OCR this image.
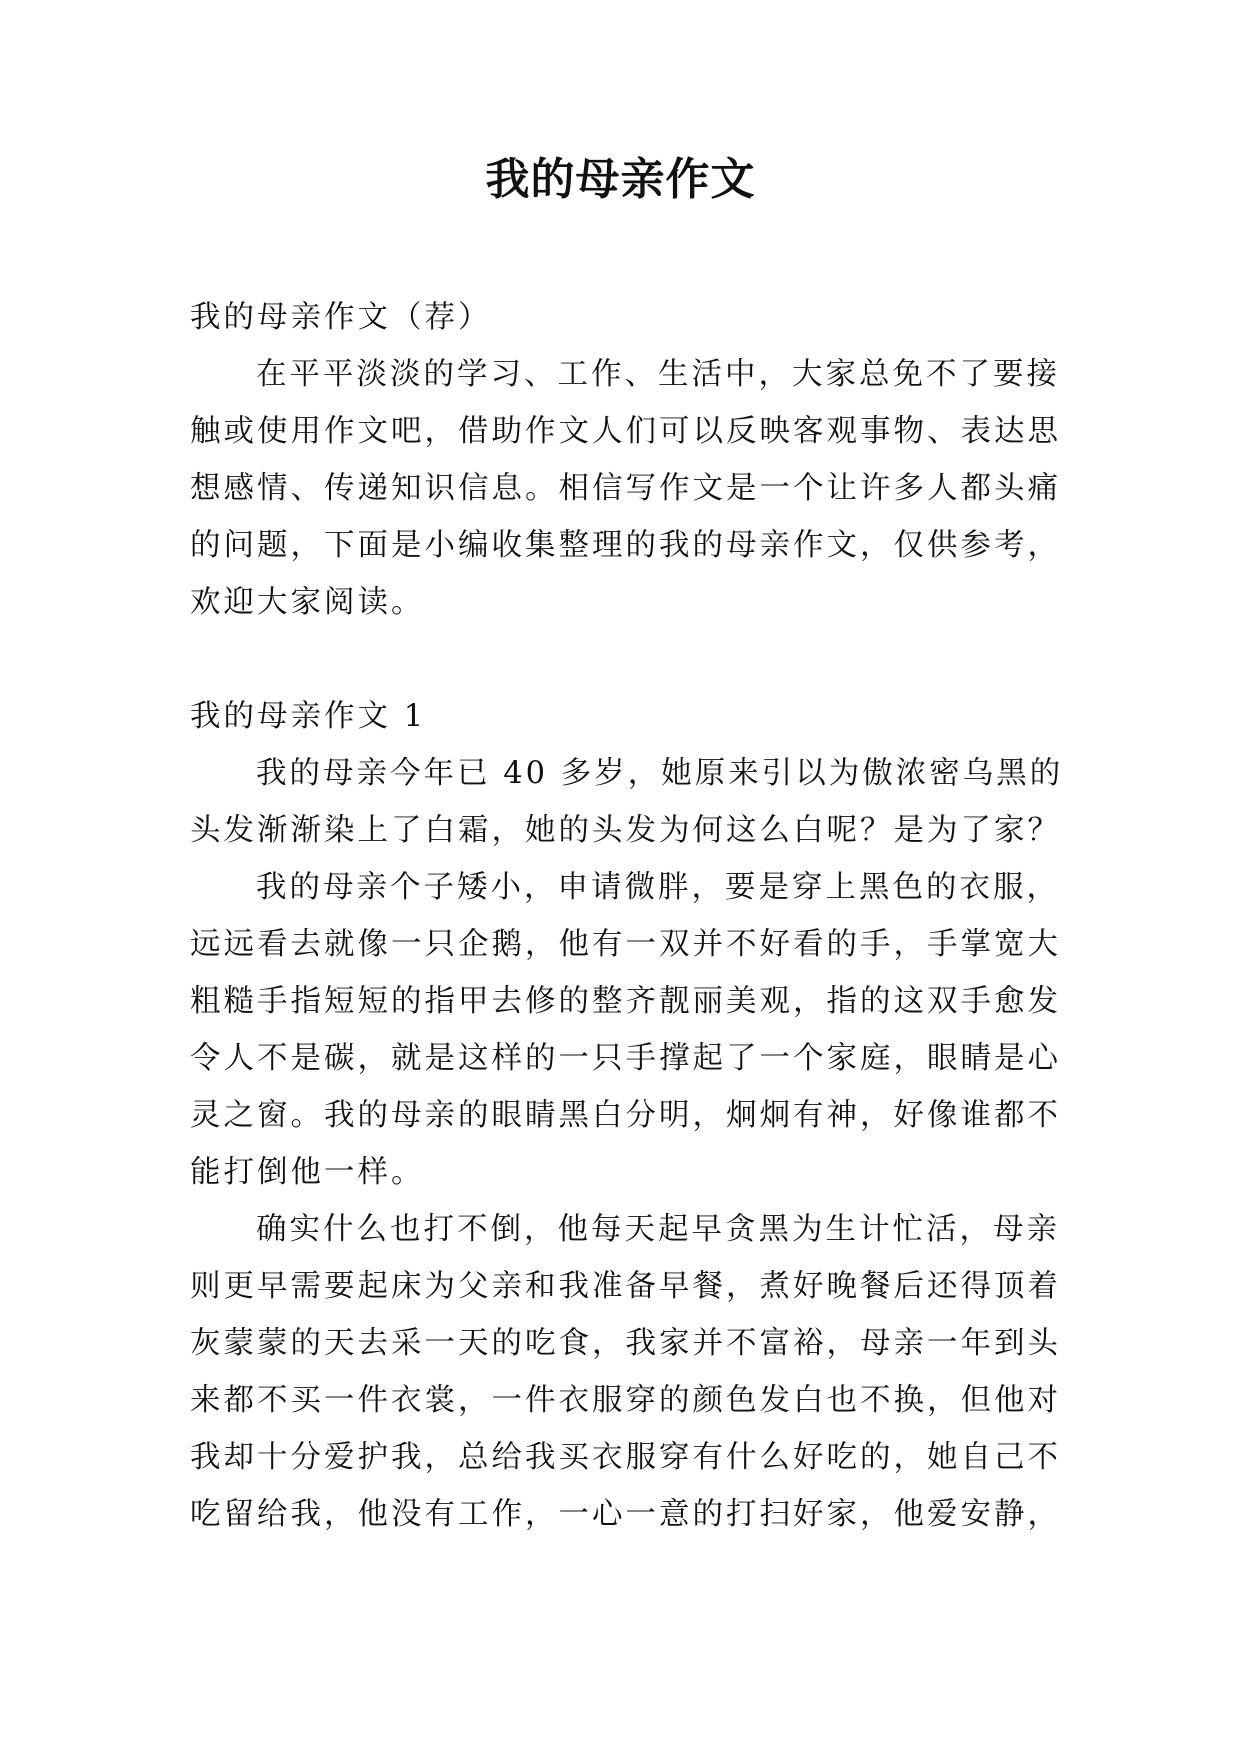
我的母亲作文
我的母亲作文（荐）
在平平淡淡的学习、工作、生活中，大家总免不了要接
触或使用作文吧，借助作文人们可以反映客观事物、表达思
想感情、传递知识信息。相信写作文是一个让许多人都头痛
的问题，下面是小编收集整理的我的母亲作文，仅供参考，
欢迎大家阅读。
我的母亲作文 1
我的母亲今年已 40 多岁，她原来引以为傲浓密乌黑的
头发渐渐染上了白霜，她的头发为何这么白呢？是为了家？
我的母亲个子矮小，申请微胖，要是穿上黑色的衣服，
远远看去就像一只企鹅，他有一双并不好看的手，手掌宽大
粗糙手指短短的指甲去修的整齐靓丽美观，指的这双手愈发
令人不是碳，就是这样的一只手撑起了一个家庭，眼睛是心
灵之窗。我的母亲的眼睛黑白分明，炯炯有神，好像谁都不
能打倒他一样。
确实什么也打不倒，他每天起早贪黑为生计忙活，母亲
则更早需要起床为父亲和我准备早餐，煮好晚餐后还得顶着
灰蒙蒙的天去采一天的吃食，我家并不富裕，母亲一年到头
来都不买一件衣裳，一件衣服穿的颜色发白也不换，但他对
我却十分爱护我，总给我买衣服穿有什么好吃的，她自己不
吃留给我，他没有工作，一心一意的打扫好家，他爱安静，
